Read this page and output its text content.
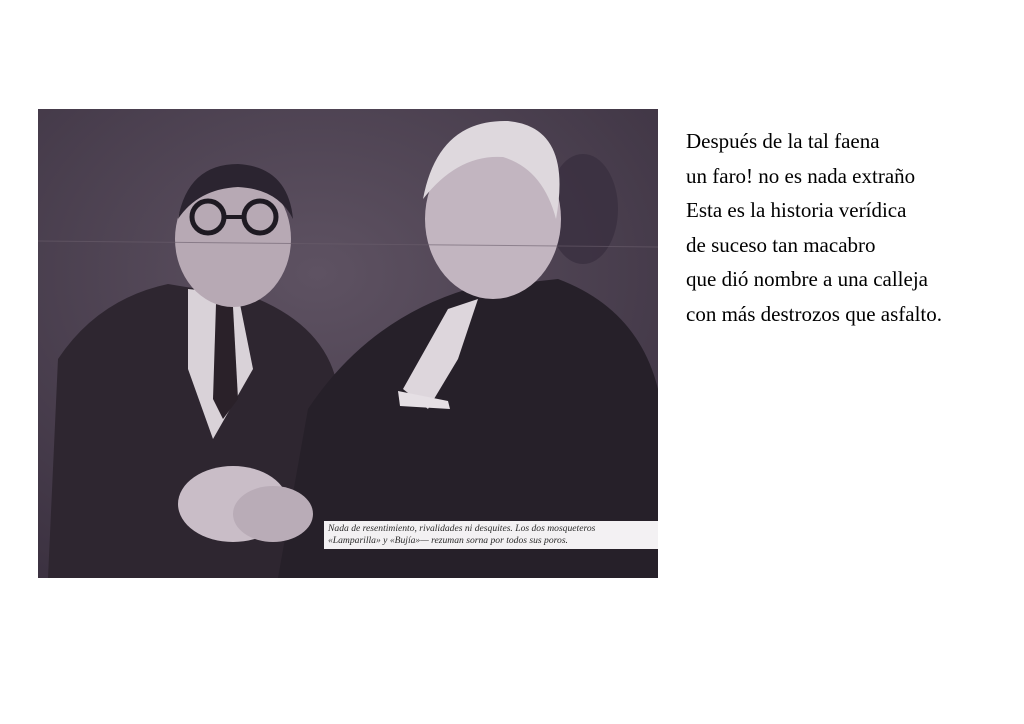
Nada de resentimiento, rivalidades ni desquites. Los dos mosqueteros
«Lamparilla» y «Bujía»— rezuman sorna por todos sus poros.
Después de la tal faena
un faro! no es nada extraño
Esta es la historia verídica
de suceso tan macabro
que dió nombre a una calleja
con más destrozos que asfalto.
